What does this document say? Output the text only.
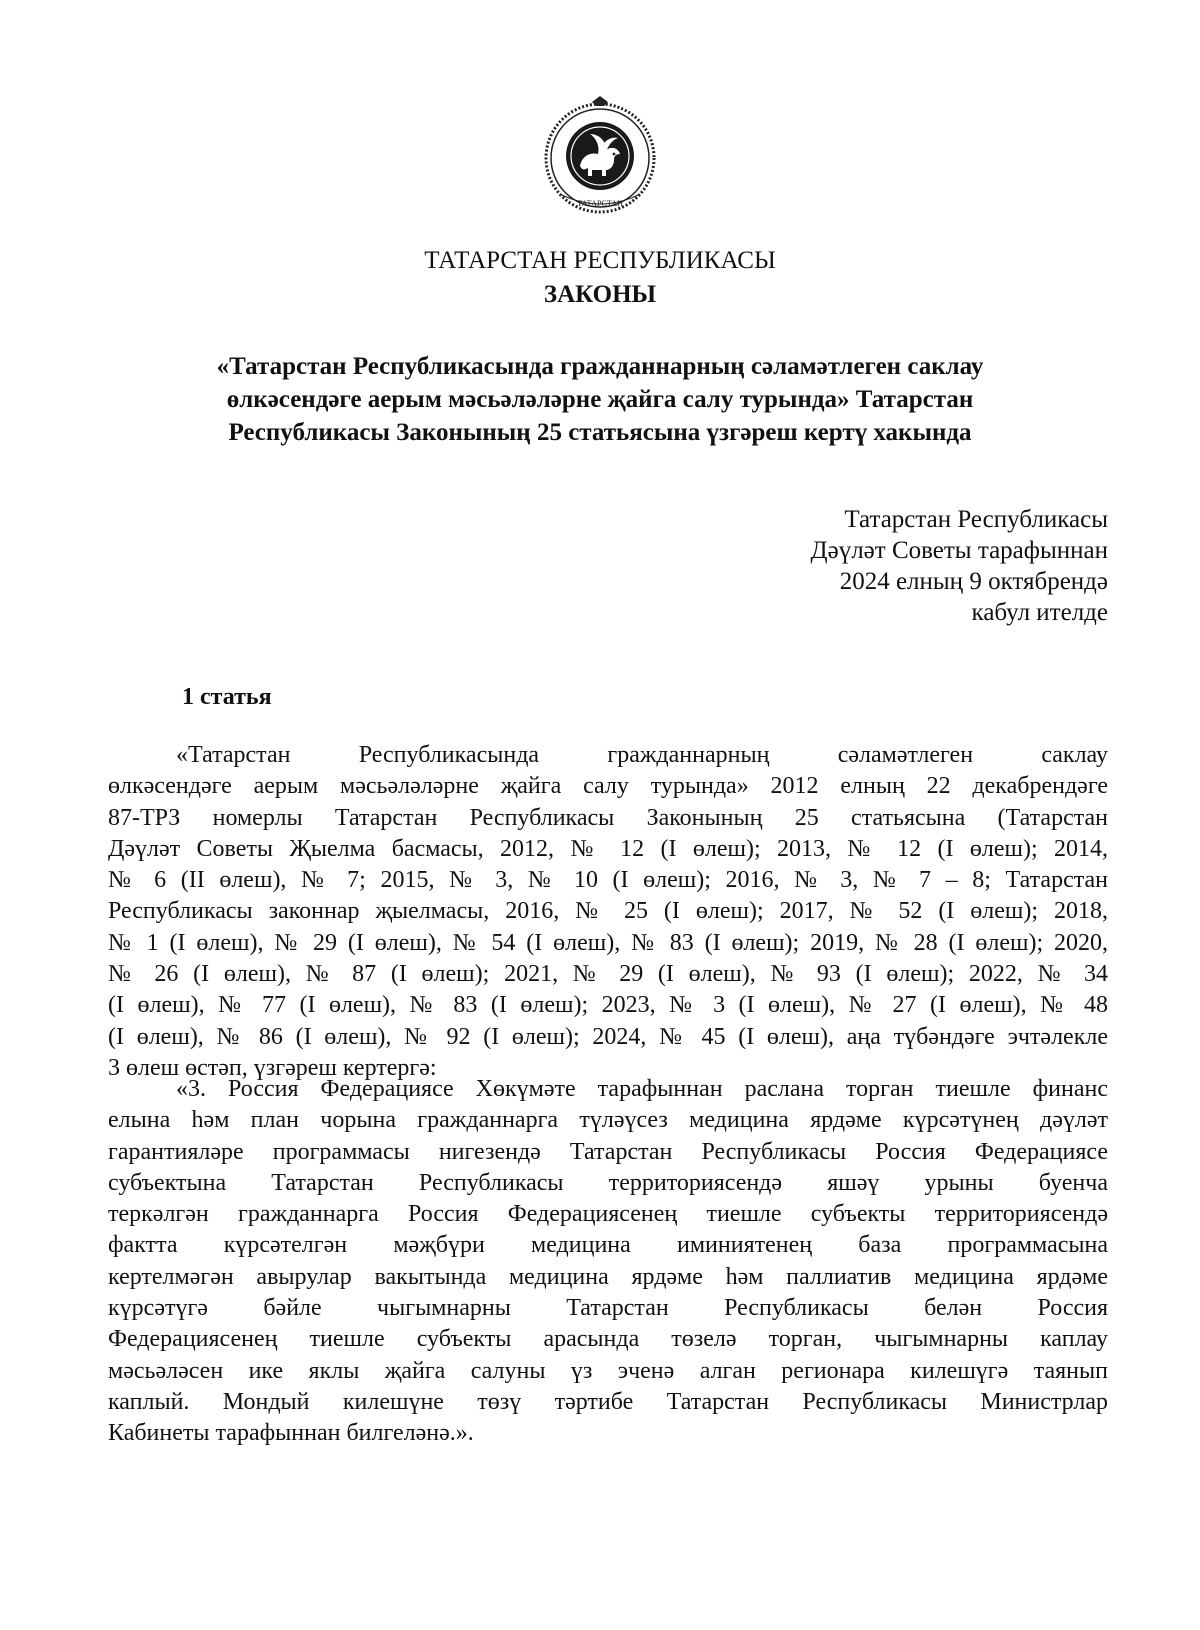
ТАТАРСТАН
ТАТАРСТАН РЕСПУБЛИКАСЫ
ЗАКОНЫ
«Татарстан Республикасында гражданнарның сәламәтлеген саклау
өлкәсендәге аерым мәсьәләләрне җайга салу турында» Татарстан
Республикасы Законының 25 статьясына үзгәреш кертү хакында
Татарстан Республикасы
Дәүләт Советы тарафыннан
2024 елның 9 октябрендә
кабул ителде
1 статья
«Татарстан Республикасында гражданнарның сәламәтлеген саклау
өлкәсендәге аерым мәсьәләләрне җайга салу турында» 2012 елның 22 декабрендәге
87-ТРЗ номерлы Татарстан Республикасы Законының 25 статьясына (Татарстан
Дәүләт Советы Җыелма басмасы, 2012, № 12 (I өлеш); 2013, № 12 (I өлеш); 2014,
№ 6 (II өлеш), № 7; 2015, № 3, № 10 (I өлеш); 2016, № 3, № 7 – 8; Татарстан
Республикасы законнар җыелмасы, 2016, № 25 (I өлеш); 2017, № 52 (I өлеш); 2018,
№ 1 (I өлеш), № 29 (I өлеш), № 54 (I өлеш), № 83 (I өлеш); 2019, № 28 (I өлеш); 2020,
№ 26 (I өлеш), № 87 (I өлеш); 2021, № 29 (I өлеш), № 93 (I өлеш); 2022, № 34
(I өлеш), № 77 (I өлеш), № 83 (I өлеш); 2023, № 3 (I өлеш), № 27 (I өлеш), № 48
(I өлеш), № 86 (I өлеш), № 92 (I өлеш); 2024, № 45 (I өлеш), аңа түбәндәге эчтәлекле
3 өлеш өстәп, үзгәреш кертергә:
«3. Россия Федерациясе Хөкүмәте тарафыннан раслана торган тиешле финанс
елына һәм план чорына гражданнарга түләүсез медицина ярдәме күрсәтүнең дәүләт
гарантияләре программасы нигезендә Татарстан Республикасы Россия Федерациясе
субъектына Татарстан Республикасы территориясендә яшәү урыны буенча
теркәлгән гражданнарга Россия Федерациясенең тиешле субъекты территориясендә
фактта күрсәтелгән мәҗбүри медицина иминиятенең база программасына
кертелмәгән авырулар вакытында медицина ярдәме һәм паллиатив медицина ярдәме
күрсәтүгә бәйле чыгымнарны Татарстан Республикасы белән Россия
Федерациясенең тиешле субъекты арасында төзелә торган, чыгымнарны каплау
мәсьәләсен ике яклы җайга салуны үз эченә алган регионара килешүгә таянып
каплый. Мондый килешүне төзү тәртибе Татарстан Республикасы Министрлар
Кабинеты тарафыннан билгеләнә.».
